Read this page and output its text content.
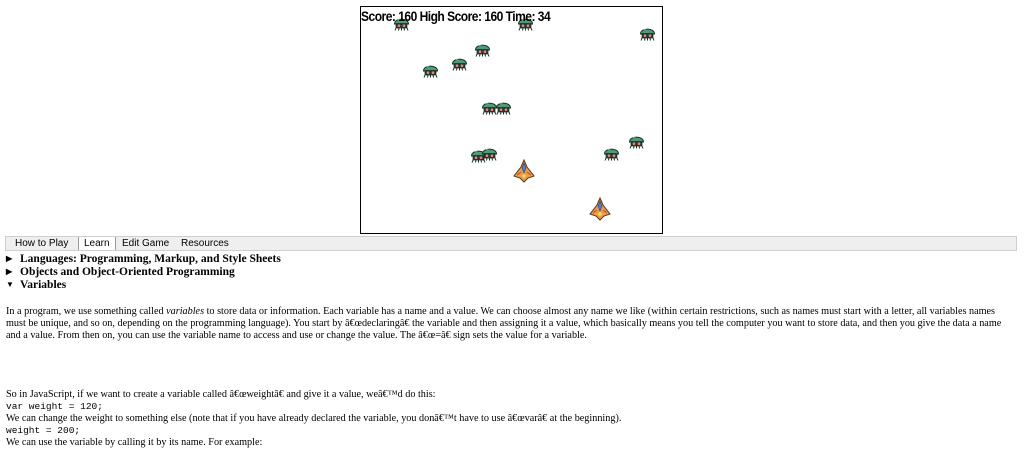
Score: 160 High Score: 160 Time: 34
How to Play	Learn	Edit Game	Resources
▶ Languages: Programming, Markup, and Style Sheets
▶ Objects and Object-Oriented Programming
▼ Variables
In a program, we use something called variables to store data or information. Each variable has a name and a value. We can choose almost any name we like (within certain restrictions, such as names must start with a letter, all variables names must be unique, and so on, depending on the programming language). You start by â€œdeclaringâ€ the variable and then assigning it a value, which basically means you tell the computer you want to store data, and then you give the data a name and a value. From then on, you can use the variable name to access and use or change the value. The â€œ=â€ sign sets the value for a variable.
So in JavaScript, if we want to create a variable called â€œweightâ€ and give it a value, weâ€™d do this:
var weight = 120;
We can change the weight to something else (note that if you have already declared the variable, you donâ€™t have to use â€œvarâ€ at the beginning).
weight = 200;
We can use the variable by calling it by its name. For example:
